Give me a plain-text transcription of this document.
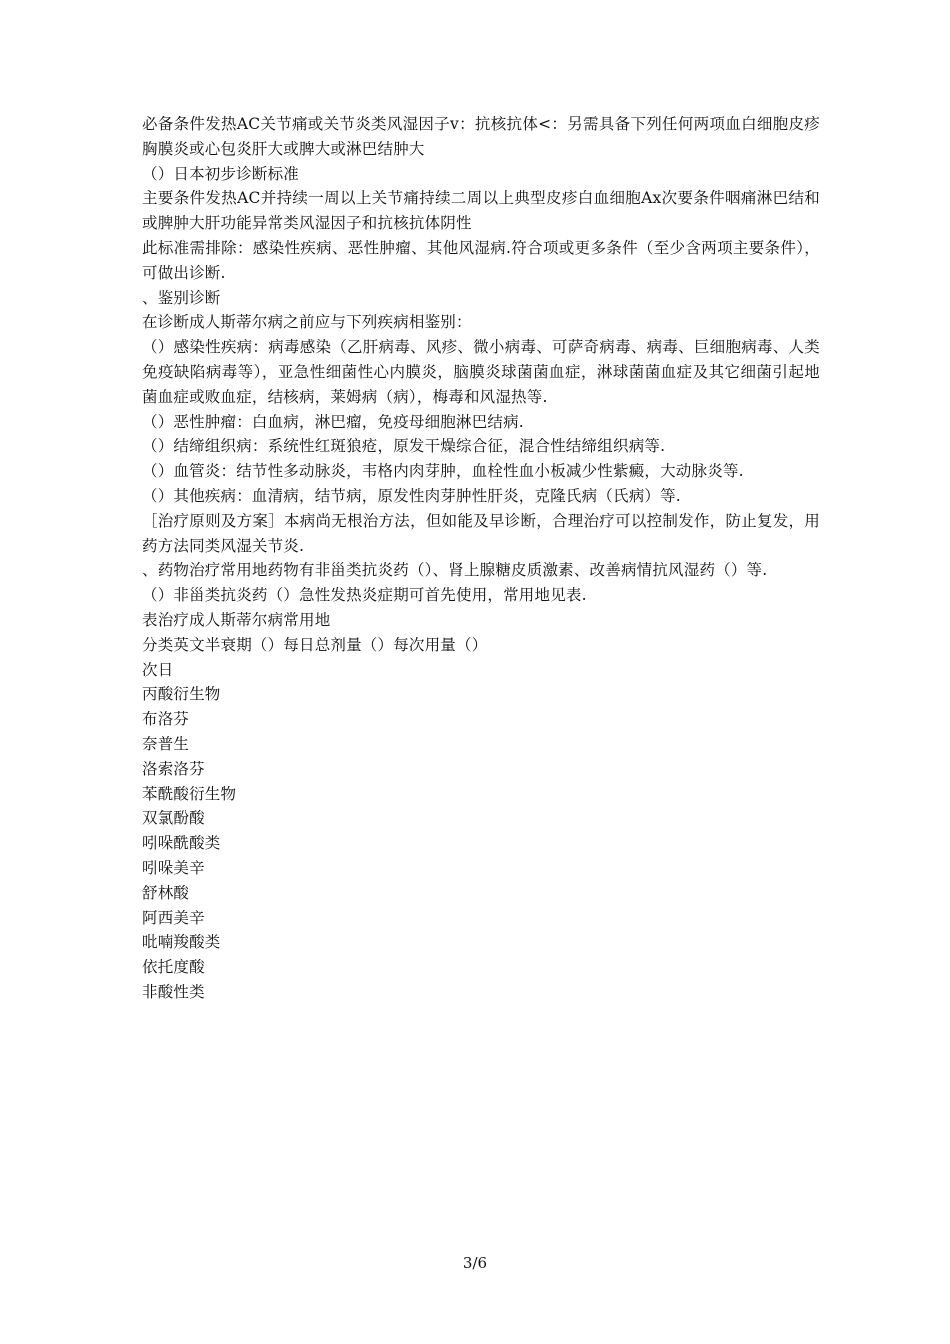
必备条件发热AC关节痛或关节炎类风湿因子v：抗核抗体<：另需具备下列任何两项血白细胞皮疹胸膜炎或心包炎肝大或脾大或淋巴结肿大

（）日本初步诊断标准

主要条件发热AC并持续一周以上关节痛持续二周以上典型皮疹白血细胞Ax次要条件咽痛淋巴结和或脾肿大肝功能异常类风湿因子和抗核抗体阴性

此标准需排除：感染性疾病、恶性肿瘤、其他风湿病.符合项或更多条件（至少含两项主要条件），可做出诊断.

、鉴别诊断

在诊断成人斯蒂尔病之前应与下列疾病相鉴别：

（）感染性疾病：病毒感染（乙肝病毒、风疹、微小病毒、可萨奇病毒、病毒、巨细胞病毒、人类免疫缺陷病毒等），亚急性细菌性心内膜炎，脑膜炎球菌菌血症，淋球菌菌血症及其它细菌引起地菌血症或败血症，结核病，莱姆病（病），梅毒和风湿热等.

（）恶性肿瘤：白血病，淋巴瘤，免疫母细胞淋巴结病.

（）结缔组织病：系统性红斑狼疮，原发干燥综合征，混合性结缔组织病等.

（）血管炎：结节性多动脉炎，韦格内肉芽肿，血栓性血小板减少性紫癜，大动脉炎等.

（）其他疾病：血清病，结节病，原发性肉芽肿性肝炎，克隆氏病（氏病）等.

［治疗原则及方案］本病尚无根治方法，但如能及早诊断，合理治疗可以控制发作，防止复发，用药方法同类风湿关节炎.

、药物治疗常用地药物有非甾类抗炎药（）、肾上腺糖皮质激素、改善病情抗风湿药（）等.

（）非甾类抗炎药（）急性发热炎症期可首先使用，常用地见表.

表治疗成人斯蒂尔病常用地

分类英文半衰期（）每日总剂量（）每次用量（）

次日

丙酸衍生物

布洛芬

奈普生

洛索洛芬

苯酰酸衍生物

双氯酚酸

吲哚酰酸类

吲哚美辛

舒林酸

阿西美辛

吡喃羧酸类

依托度酸

非酸性类

3/6
